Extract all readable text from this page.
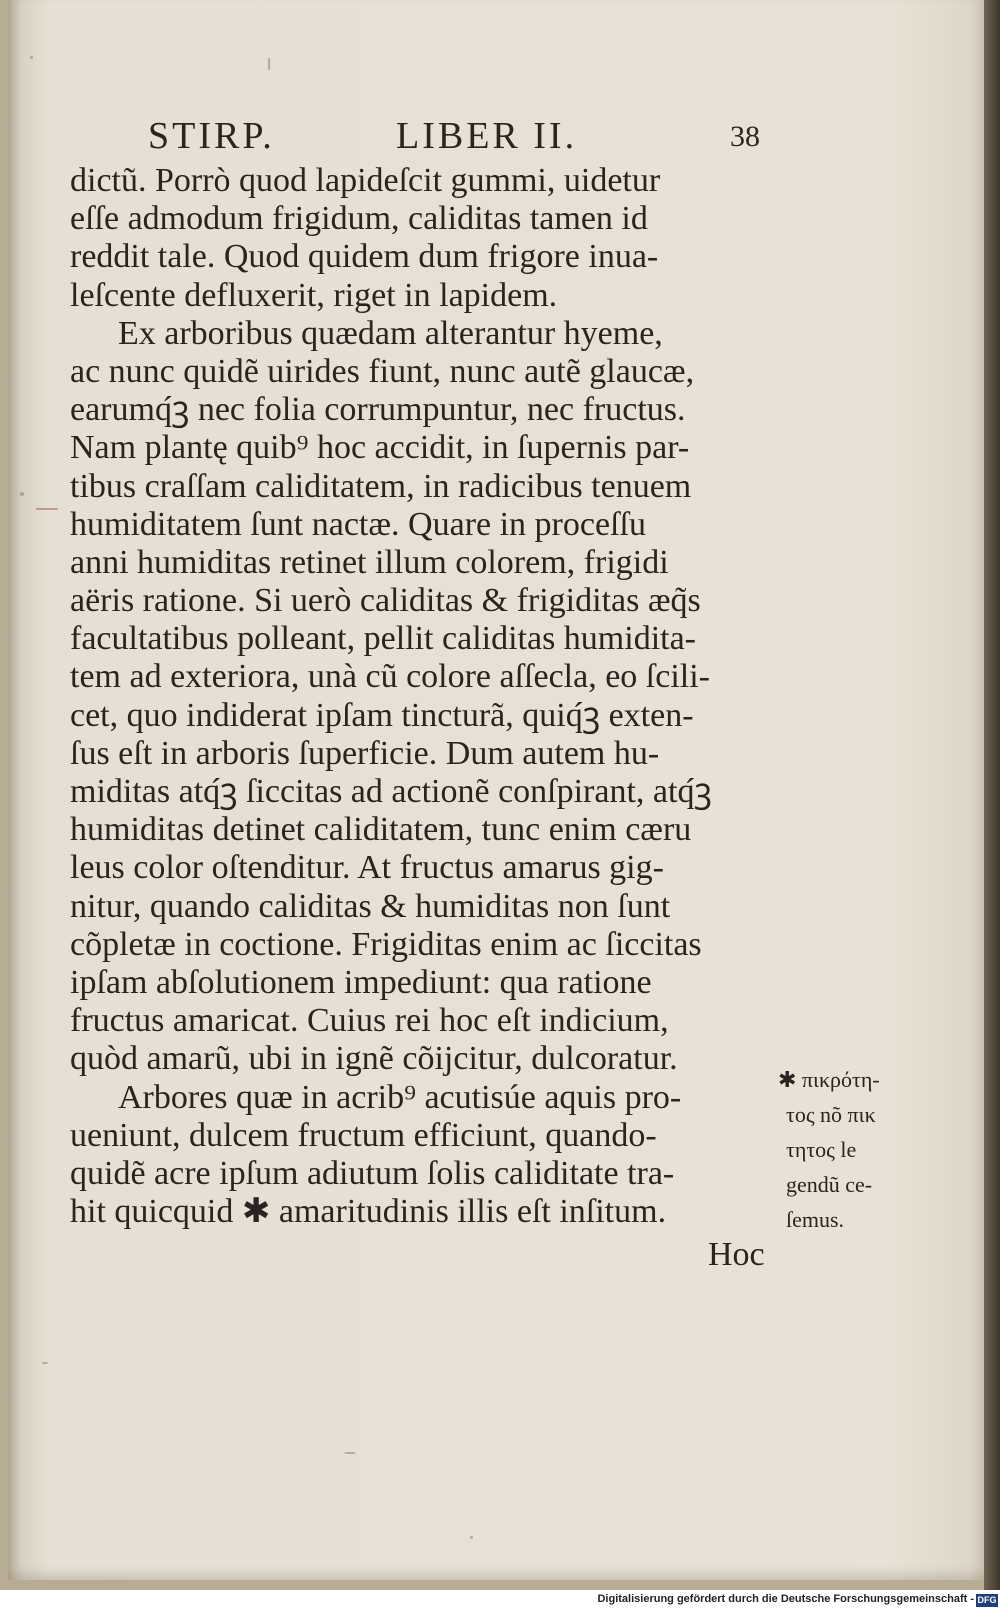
STIRP.	LIBER II.	38
dictũ. Porrò quod lapideſcit gummi, uidetur
eſſe admodum frigidum, caliditas tamen id
reddit tale. Quod quidem dum frigore inua-
leſcente defluxerit, riget in lapidem.
Ex arboribus quædam alterantur hyeme,
ac nunc quidẽ uirides fiunt, nunc autẽ glaucæ,
earumq́ꝫ nec folia corrumpuntur, nec fructus.
Nam plantę quib⁹ hoc accidit, in ſupernis par-
tibus craſſam caliditatem, in radicibus tenuem
humiditatem ſunt nactæ. Quare in proceſſu
anni humiditas retinet illum colorem, frigidi
aëris ratione. Si uerò caliditas & frigiditas æq̃s
facultatibus polleant, pellit caliditas humidita-
tem ad exteriora, unà cũ colore aſſecla, eo ſcili-
cet, quo indiderat ipſam tincturã, quiq́ꝫ exten-
ſus eſt in arboris ſuperficie. Dum autem hu-
miditas atq́ꝫ ſiccitas ad actionẽ conſpirant, atq́ꝫ
humiditas detinet caliditatem, tunc enim cæru
leus color oſtenditur. At fructus amarus gig-
nitur, quando caliditas & humiditas non ſunt
cõpletæ in coctione. Frigiditas enim ac ſiccitas
ipſam abſolutionem impediunt: qua ratione
fructus amaricat. Cuius rei hoc eſt indicium,
quòd amarũ, ubi in ignẽ cõijcitur, dulcoratur.
Arbores quæ in acrib⁹ acutisúe aquis pro-
ueniunt, dulcem fructum efficiunt, quando-
quidẽ acre ipſum adiutum ſolis caliditate tra-
hit quicquid ✱ amaritudinis illis eſt inſitum.
Hoc
✱ πικρότη-
τος nõ πικ
τητος le
gendũ ce-
ſemus.
Digitalisierung gefördert durch die Deutsche Forschungsgemeinschaft - DFG
